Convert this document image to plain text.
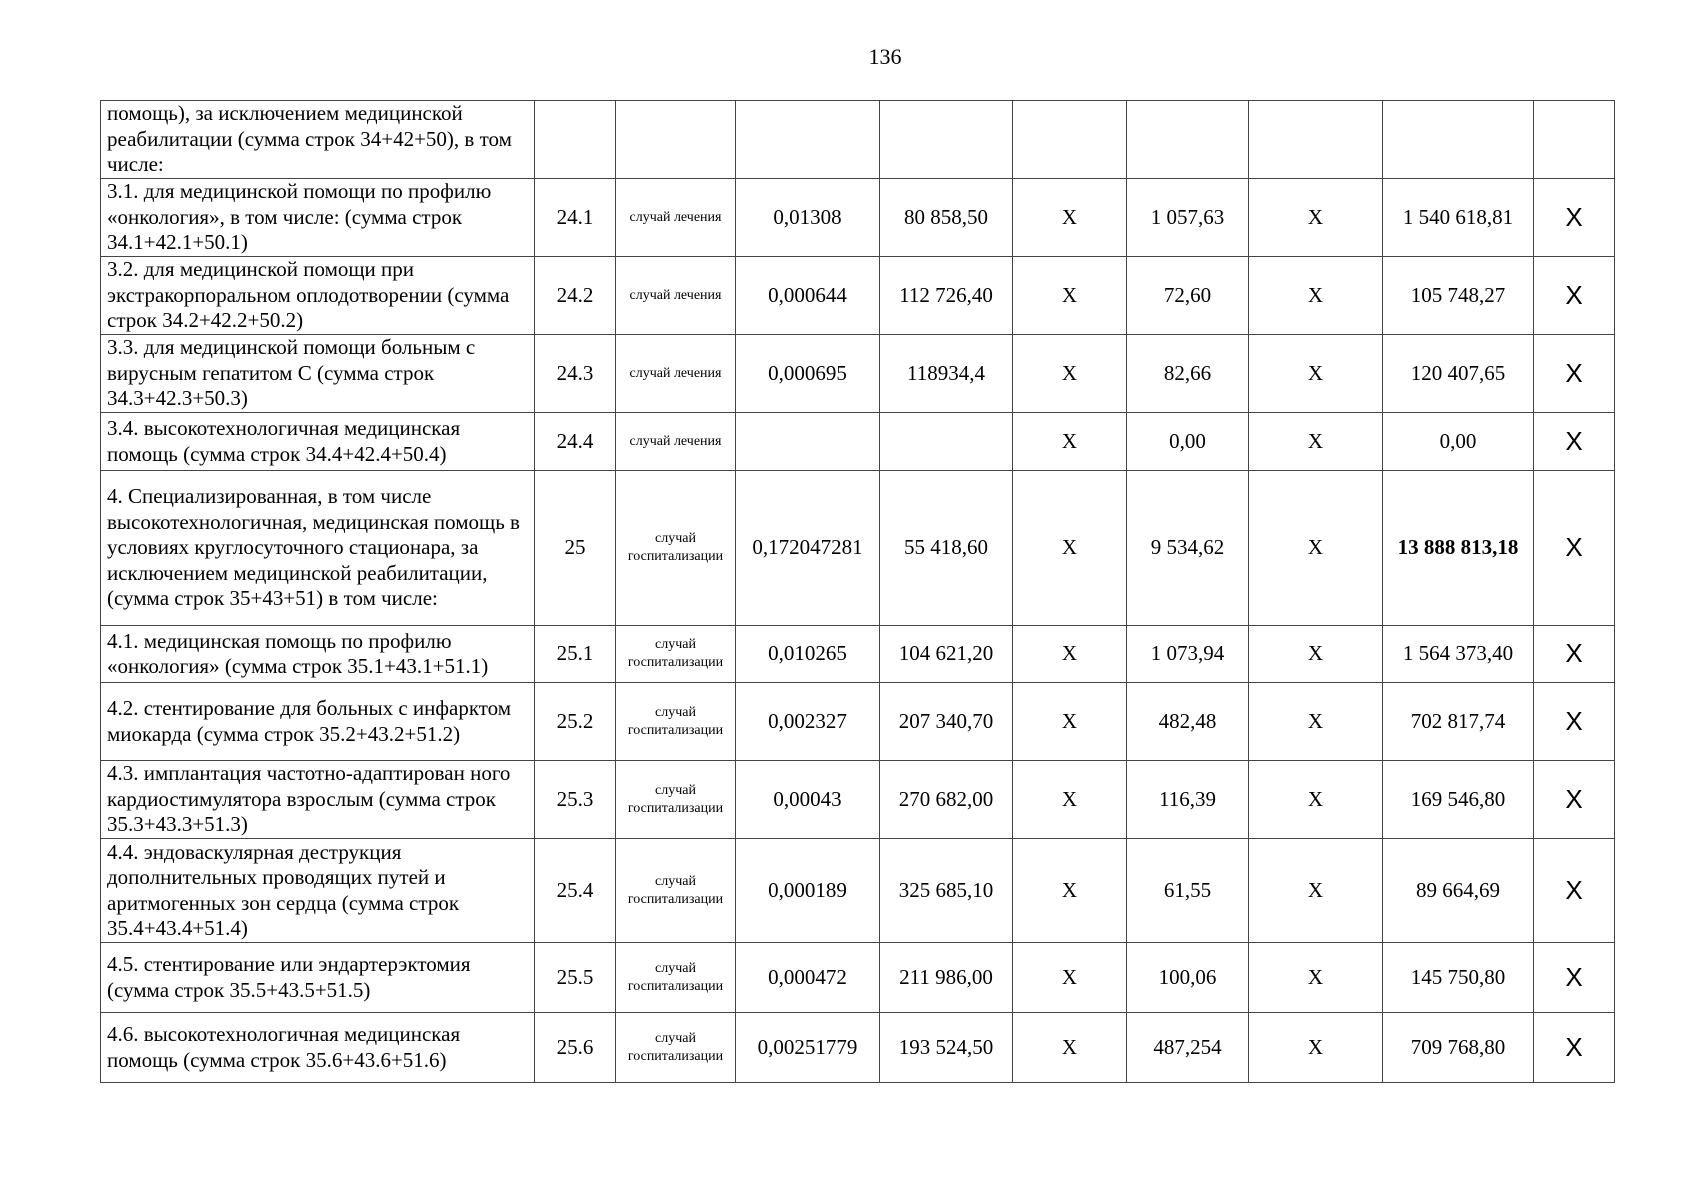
136
помощь), за исключением медицинской реабилитации (сумма строк 34+42+50), в том числе:									
3.1. для медицинской помощи по профилю «онкология», в том числе: (сумма строк 34.1+42.1+50.1)	24.1	случай лечения	0,01308	80 858,50	Х	1 057,63	Х	1 540 618,81	Х
3.2. для медицинской помощи при экстракорпоральном оплодотворении (сумма строк 34.2+42.2+50.2)	24.2	случай лечения	0,000644	112 726,40	Х	72,60	Х	105 748,27	Х
3.3. для медицинской помощи больным с вирусным гепатитом С (сумма строк 34.3+42.3+50.3)	24.3	случай лечения	0,000695	118934,4	Х	82,66	Х	120 407,65	Х
3.4. высокотехнологичная медицинская помощь (сумма строк 34.4+42.4+50.4)	24.4	случай лечения			Х	0,00	Х	0,00	Х
4. Специализированная, в том числе высокотехнологичная, медицинская помощь в условиях круглосуточного стационара, за исключением медицинской реабилитации, (сумма строк 35+43+51) в том числе:	25	случай госпитализации	0,172047281	55 418,60	Х	9 534,62	Х	13 888 813,18	Х
4.1. медицинская помощь по профилю «онкология» (сумма строк 35.1+43.1+51.1)	25.1	случай госпитализации	0,010265	104 621,20	Х	1 073,94	Х	1 564 373,40	Х
4.2. стентирование для больных с инфарктом миокарда (сумма строк 35.2+43.2+51.2)	25.2	случай госпитализации	0,002327	207 340,70	Х	482,48	Х	702 817,74	Х
4.3. имплантация частотно-адаптирован ного кардиостимулятора взрослым (сумма строк 35.3+43.3+51.3)	25.3	случай госпитализации	0,00043	270 682,00	Х	116,39	Х	169 546,80	Х
4.4. эндоваскулярная деструкция дополнительных проводящих путей и аритмогенных зон сердца (сумма строк 35.4+43.4+51.4)	25.4	случай госпитализации	0,000189	325 685,10	Х	61,55	Х	89 664,69	Х
4.5. стентирование или эндартерэктомия (сумма строк 35.5+43.5+51.5)	25.5	случай госпитализации	0,000472	211 986,00	Х	100,06	Х	145 750,80	Х
4.6. высокотехнологичная медицинская помощь (сумма строк 35.6+43.6+51.6)	25.6	случай госпитализации	0,00251779	193 524,50	Х	487,254	Х	709 768,80	Х
